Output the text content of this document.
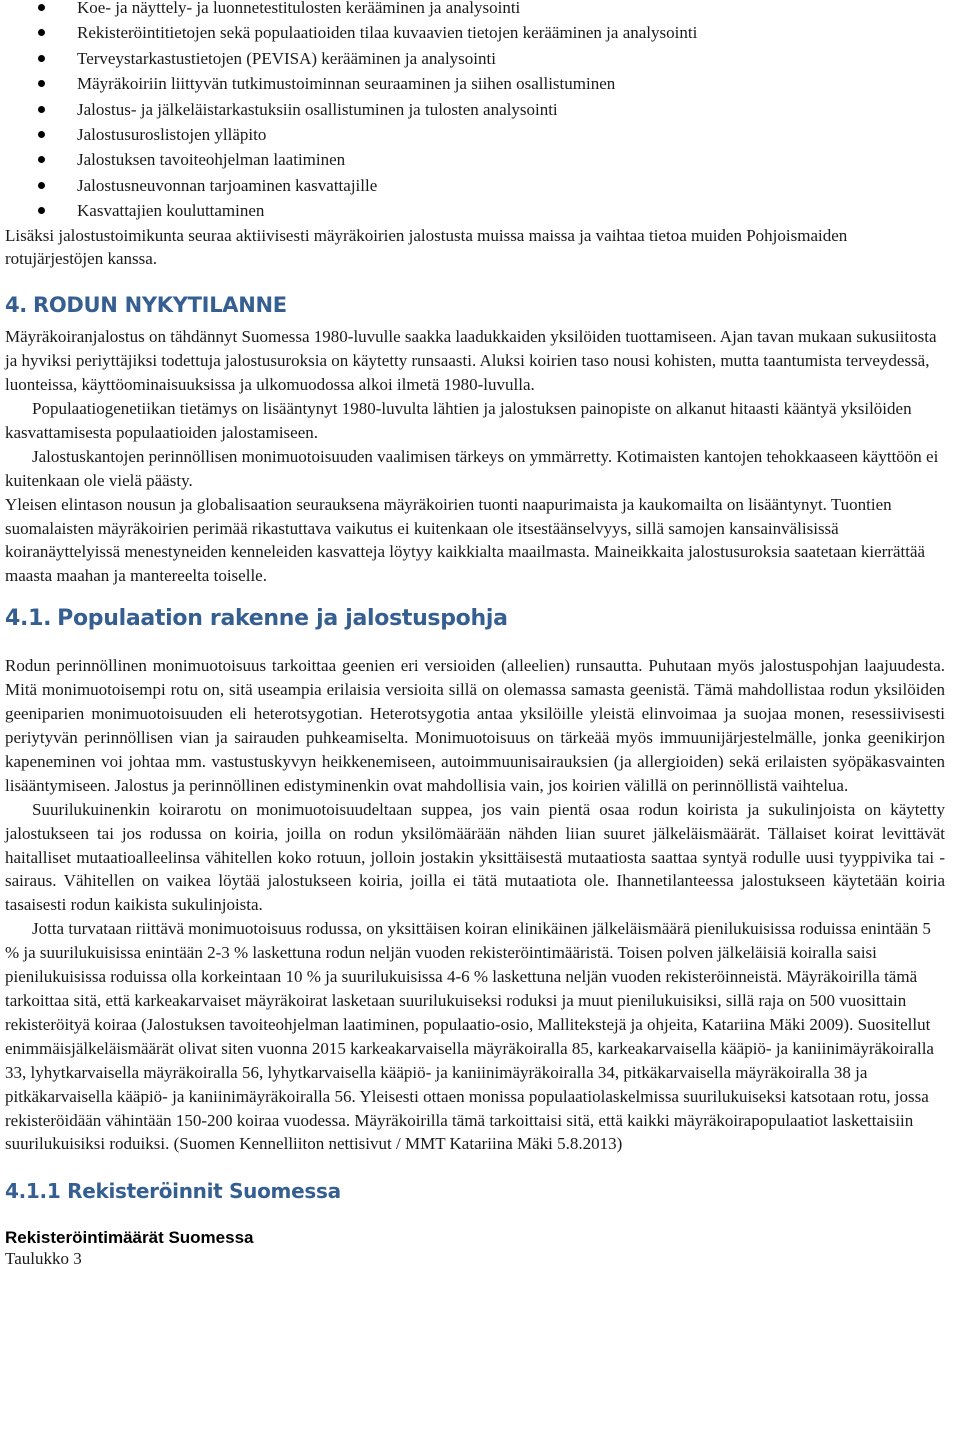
Koe- ja näyttely- ja luonnetestitulosten kerääminen ja analysointi
Rekisteröintitietojen sekä populaatioiden tilaa kuvaavien tietojen kerääminen ja analysointi
Terveystarkastustietojen (PEVISA) kerääminen ja analysointi
Mäyräkoiriin liittyvän tutkimustoiminnan seuraaminen ja siihen osallistuminen
Jalostus- ja jälkeläistarkastuksiin osallistuminen ja tulosten analysointi
Jalostusuroslistojen ylläpito
Jalostuksen tavoiteohjelman laatiminen
Jalostusneuvonnan tarjoaminen kasvattajille
Kasvattajien kouluttaminen

Lisäksi jalostustoimikunta seuraa aktiivisesti mäyräkoirien jalostusta muissa maissa ja vaihtaa tietoa muiden Pohjoismaiden rotujärjestöjen kanssa.

4. RODUN NYKYTILANNE

Mäyräkoiranjalostus on tähdännyt Suomessa 1980-luvulle saakka laadukkaiden yksilöiden tuottamiseen. Ajan tavan mukaan sukusiitosta ja hyviksi periyttäjiksi todettuja jalostusuroksia on käytetty runsaasti. Aluksi koirien taso nousi kohisten, mutta taantumista terveydessä, luonteissa, käyttöominaisuuksissa ja ulkomuodossa alkoi ilmetä 1980-luvulla.

Populaatiogenetiikan tietämys on lisääntynyt 1980-luvulta lähtien ja jalostuksen painopiste on alkanut hitaasti kääntyä yksilöiden kasvattamisesta populaatioiden jalostamiseen.

Jalostuskantojen perinnöllisen monimuotoisuuden vaalimisen tärkeys on ymmärretty. Kotimaisten kantojen tehokkaaseen käyttöön ei kuitenkaan ole vielä päästy.

Yleisen elintason nousun ja globalisaation seurauksena mäyräkoirien tuonti naapurimaista ja kaukomailta on lisääntynyt. Tuontien suomalaisten mäyräkoirien perimää rikastuttava vaikutus ei kuitenkaan ole itsestäänselvyys, sillä samojen kansainvälisissä koiranäyttelyissä menestyneiden kenneleiden kasvatteja löytyy kaikkialta maailmasta. Maineikkaita jalostusuroksia saatetaan kierrättää maasta maahan ja mantereelta toiselle.

4.1. Populaation rakenne ja jalostuspohja

Rodun perinnöllinen monimuotoisuus tarkoittaa geenien eri versioiden (alleelien) runsautta. Puhutaan myös jalostuspohjan laajuudesta. Mitä monimuotoisempi rotu on, sitä useampia erilaisia versioita sillä on olemassa samasta geenistä. Tämä mahdollistaa rodun yksilöiden geeniparien monimuotoisuuden eli heterotsygotian. Heterotsygotia antaa yksilöille yleistä elinvoimaa ja suojaa monen, resessiivisesti periytyvän perinnöllisen vian ja sairauden puhkeamiselta. Monimuotoisuus on tärkeää myös immuunijärjestelmälle, jonka geenikirjon kapeneminen voi johtaa mm. vastustuskyvyn heikkenemiseen, autoimmuunisairauksien (ja allergioiden) sekä erilaisten syöpäkasvainten lisääntymiseen. Jalostus ja perinnöllinen edistyminenkin ovat mahdollisia vain, jos koirien välillä on perinnöllistä vaihtelua.

Suurilukuinenkin koirarotu on monimuotoisuudeltaan suppea, jos vain pientä osaa rodun koirista ja sukulinjoista on käytetty jalostukseen tai jos rodussa on koiria, joilla on rodun yksilömäärään nähden liian suuret jälkeläismäärät. Tällaiset koirat levittävät haitalliset mutaatioalleelinsa vähitellen koko rotuun, jolloin jostakin yksittäisestä mutaatiosta saattaa syntyä rodulle uusi tyyppivika tai -sairaus. Vähitellen on vaikea löytää jalostukseen koiria, joilla ei tätä mutaatiota ole. Ihannetilanteessa jalostukseen käytetään koiria tasaisesti rodun kaikista sukulinjoista.

Jotta turvataan riittävä monimuotoisuus rodussa, on yksittäisen koiran elinikäinen jälkeläismäärä pienilukuisissa roduissa enintään 5 % ja suurilukuisissa enintään 2-3 % laskettuna rodun neljän vuoden rekisteröintimääristä. Toisen polven jälkeläisiä koiralla saisi pienilukuisissa roduissa olla korkeintaan 10 % ja suurilukuisissa 4-6 % laskettuna neljän vuoden rekisteröinneistä. Mäyräkoirilla tämä tarkoittaa sitä, että karkeakarvaiset mäyräkoirat lasketaan suurilukuiseksi roduksi ja muut pienilukuisiksi, sillä raja on 500 vuosittain rekisteröityä koiraa (Jalostuksen tavoiteohjelman laatiminen, populaatio-osio, Mallitekstejä ja ohjeita, Katariina Mäki 2009). Suositellut enimmäisjälkeläismäärät olivat siten vuonna 2015 karkeakarvaisella mäyräkoiralla 85, karkeakarvaisella kääpiö- ja kaniinimäyräkoiralla 33, lyhytkarvaisella mäyräkoiralla 56, lyhytkarvaisella kääpiö- ja kaniinimäyräkoiralla 34, pitkäkarvaisella mäyräkoiralla 38 ja pitkäkarvaisella kääpiö- ja kaniinimäyräkoiralla 56. Yleisesti ottaen monissa populaatiolaskelmissa suurilukuiseksi katsotaan rotu, jossa rekisteröidään vähintään 150-200 koiraa vuodessa. Mäyräkoirilla tämä tarkoittaisi sitä, että kaikki mäyräkoirapopulaatiot laskettaisiin suurilukuisiksi roduiksi. (Suomen Kennelliiton nettisivut / MMT Katariina Mäki 5.8.2013)

4.1.1 Rekisteröinnit Suomessa
Rekisteröintimäärät Suomessa
Taulukko 3
